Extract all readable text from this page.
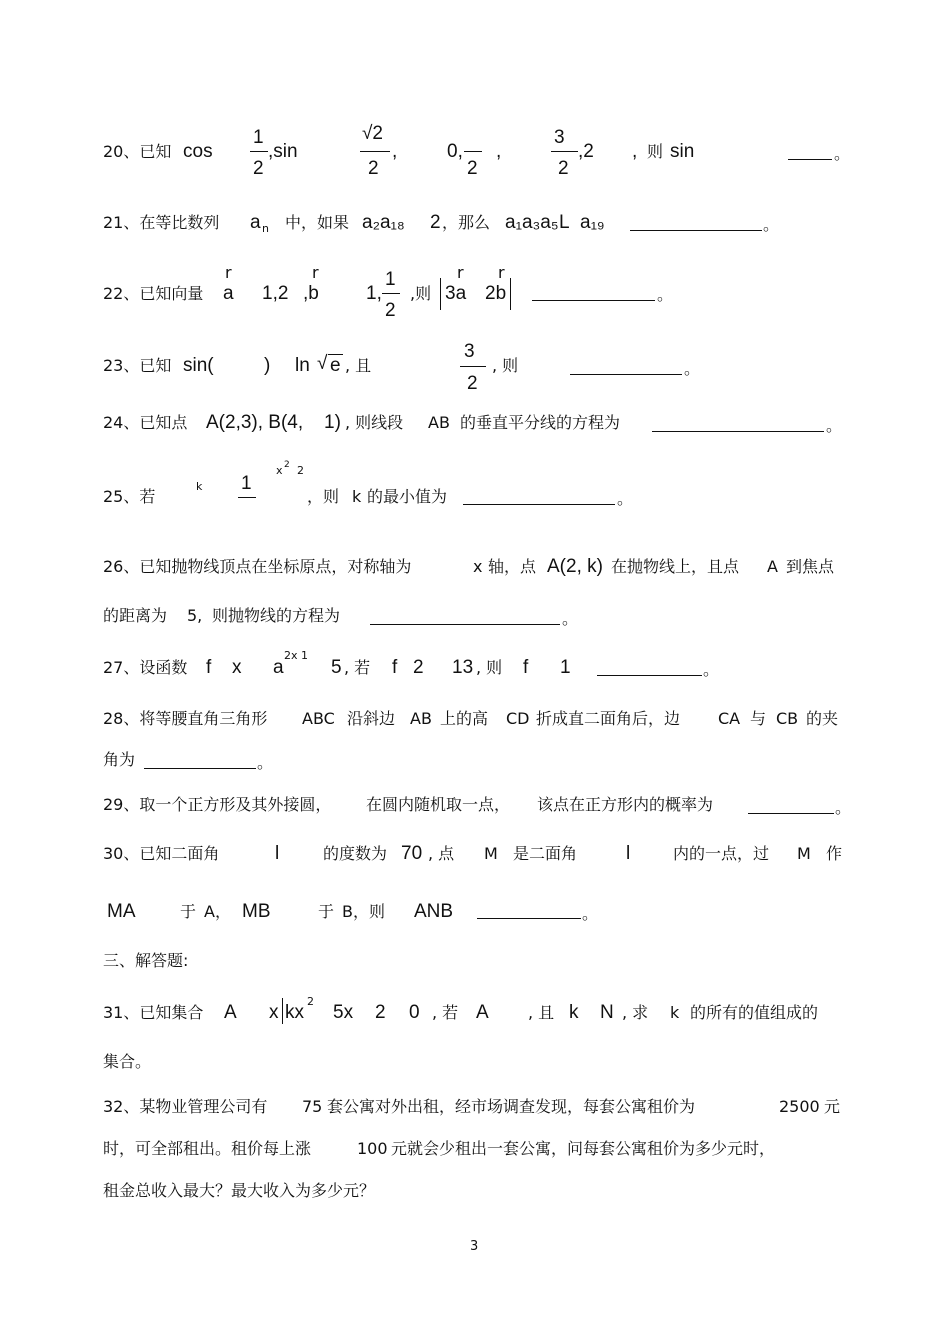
20、已知 cos
1
2
,sin
√2
2
,	0,
2
,
3
2
,2 , 则 sin	。
21、在等比数列 a n 中，如果 a₂a₁₈ 2 ，那么 a₁a₃a₅ L a₁₉	。
22、已知向量
r	r	r r
a 1,2 ,b 1,
1
2
,则 3a 2b	。
23、已知 sin(	) ln √ e , 且
3
2
, 则	。
24、已知点 A(2,3), B(4, 1) , 则线段 AB 的垂直平分线的方程为	。
25、若
k 1
x 2 2
，则 k 的最小值为	。
26、已知抛物线顶点在坐标原点，对称轴为	x 轴，点 A(2, k) 在抛物线上，且点 A 到焦点
的距离为 5, 则抛物线的方程为	。
27、设函数 f x a
2x 1
5 , 若 f 2 13 , 则 f 1	。
28、将等腰直角三角形 ABC 沿斜边 AB 上的高 CD 折成直二面角后，边 CA 与 CB 的夹
角为	。
29、取一个正方形及其外接圆， 在圆内随机取一点， 该点在正方形内的概率为	。
30、已知二面角	l	的度数为 70 , 点 M 是二面角	l	内的一点，过 M 作
MA	于 A， MB	于 B，则 ANB	。
三、解答题:
31、已知集合 A x kx
2
5x 2 0 , 若 A , 且 k N , 求 k 的所有的值组成的
集合。
32、某物业管理公司有 75 套公寓对外出租，经市场调查发现，每套公寓租价为	2500 元
时，可全部租出。租价每上涨	100 元就会少租出一套公寓，问每套公寓租价为多少元时，
租金总收入最大？最大收入为多少元？
3
